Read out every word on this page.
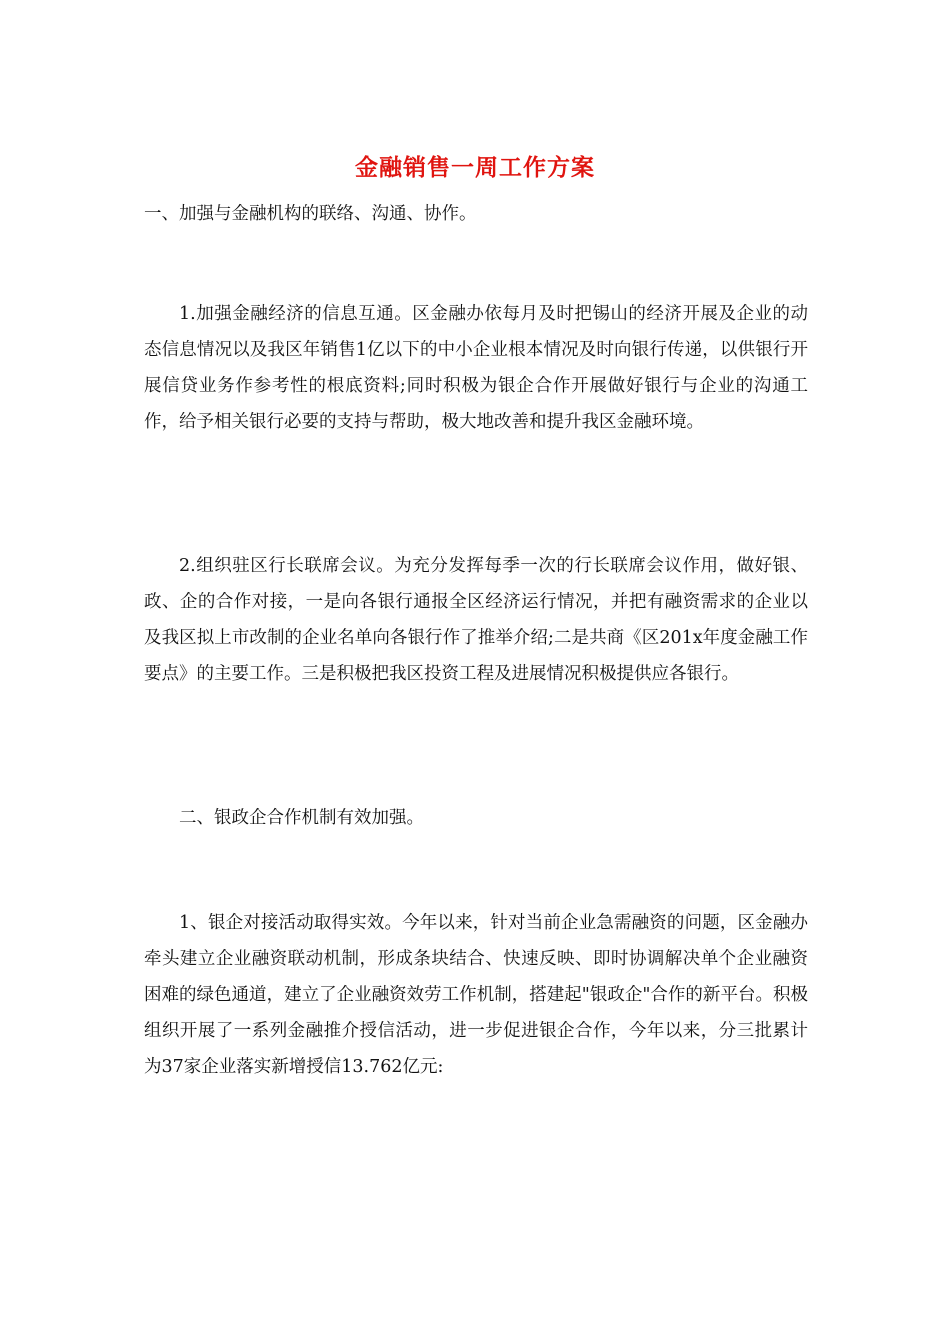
金融销售一周工作方案

一、加强与金融机构的联络、沟通、协作。

1.加强金融经济的信息互通。区金融办依每月及时把锡山的经济开展及企业的动态信息情况以及我区年销售1亿以下的中小企业根本情况及时向银行传递，以供银行开展信贷业务作参考性的根底资料;同时积极为银企合作开展做好银行与企业的沟通工作，给予相关银行必要的支持与帮助，极大地改善和提升我区金融环境。

2.组织驻区行长联席会议。为充分发挥每季一次的行长联席会议作用，做好银、政、企的合作对接，一是向各银行通报全区经济运行情况，并把有融资需求的企业以及我区拟上市改制的企业名单向各银行作了推举介绍;二是共商《区201x年度金融工作要点》的主要工作。三是积极把我区投资工程及进展情况积极提供应各银行。

二、银政企合作机制有效加强。

1、银企对接活动取得实效。今年以来，针对当前企业急需融资的问题，区金融办牵头建立企业融资联动机制，形成条块结合、快速反映、即时协调解决单个企业融资困难的绿色通道，建立了企业融资效劳工作机制，搭建起"银政企"合作的新平台。积极组织开展了一系列金融推介授信活动，进一步促进银企合作，今年以来，分三批累计为37家企业落实新增授信13.762亿元:
